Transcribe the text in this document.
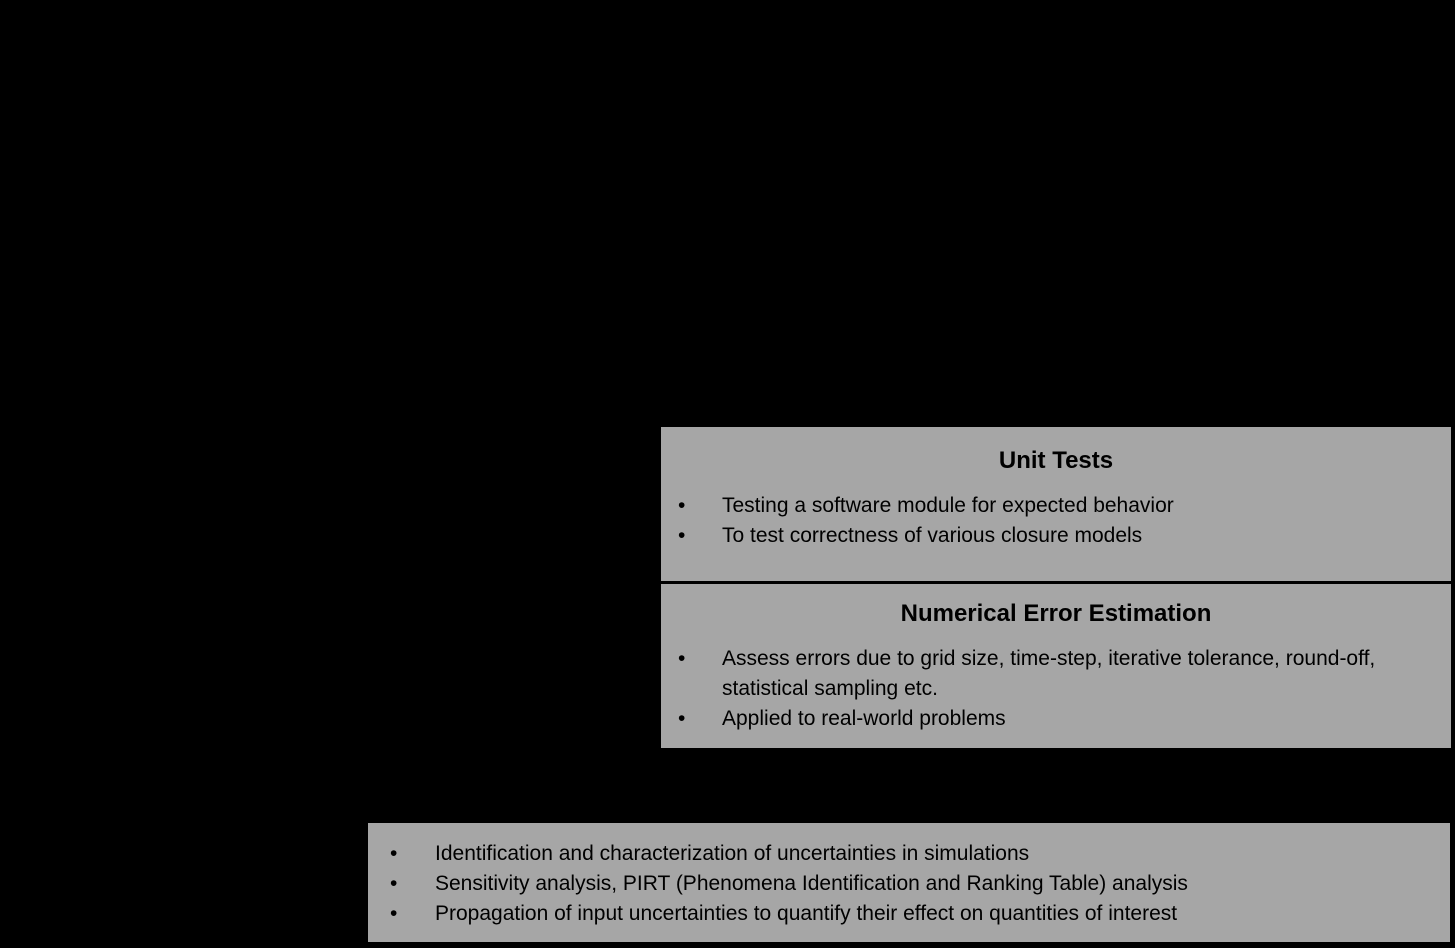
Unit Tests
•	Testing a software module for expected behavior
•	To test correctness of various closure models
Numerical Error Estimation
•	Assess errors due to grid size, time-step, iterative tolerance, round-off, statistical sampling etc.
•	Applied to real-world problems
•	Identification and characterization of uncertainties in simulations
•	Sensitivity analysis, PIRT (Phenomena Identification and Ranking Table) analysis
•	Propagation of input uncertainties to quantify their effect on quantities of interest
